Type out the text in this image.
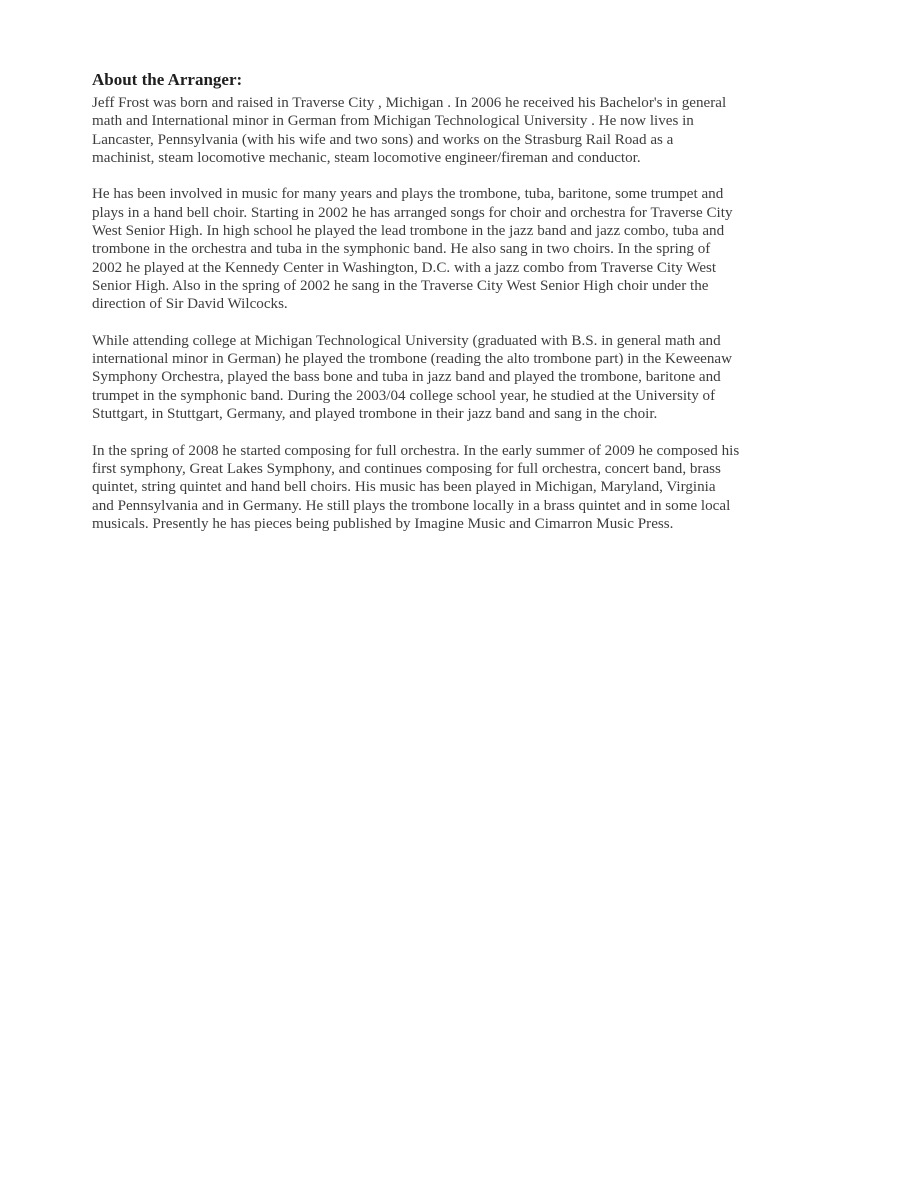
About the Arranger:
Jeff Frost was born and raised in Traverse City , Michigan . In 2006 he received his Bachelor's in general
math and International minor in German from Michigan Technological University . He now lives in
Lancaster, Pennsylvania (with his wife and two sons) and works on the Strasburg Rail Road as a
machinist, steam locomotive mechanic, steam locomotive engineer/fireman and conductor.
He has been involved in music for many years and plays the trombone, tuba, baritone, some trumpet and
plays in a hand bell choir. Starting in 2002 he has arranged songs for choir and orchestra for Traverse City
West Senior High. In high school he played the lead trombone in the jazz band and jazz combo, tuba and
trombone in the orchestra and tuba in the symphonic band. He also sang in two choirs. In the spring of
2002 he played at the Kennedy Center in Washington, D.C. with a jazz combo from Traverse City West
Senior High. Also in the spring of 2002 he sang in the Traverse City West Senior High choir under the
direction of Sir David Wilcocks.
While attending college at Michigan Technological University (graduated with B.S. in general math and
international minor in German) he played the trombone (reading the alto trombone part) in the Keweenaw
Symphony Orchestra, played the bass bone and tuba in jazz band and played the trombone, baritone and
trumpet in the symphonic band. During the 2003/04 college school year, he studied at the University of
Stuttgart, in Stuttgart, Germany, and played trombone in their jazz band and sang in the choir.
In the spring of 2008 he started composing for full orchestra. In the early summer of 2009 he composed his
first symphony, Great Lakes Symphony, and continues composing for full orchestra, concert band, brass
quintet, string quintet and hand bell choirs. His music has been played in Michigan, Maryland, Virginia
and Pennsylvania and in Germany. He still plays the trombone locally in a brass quintet and in some local
musicals. Presently he has pieces being published by Imagine Music and Cimarron Music Press.
